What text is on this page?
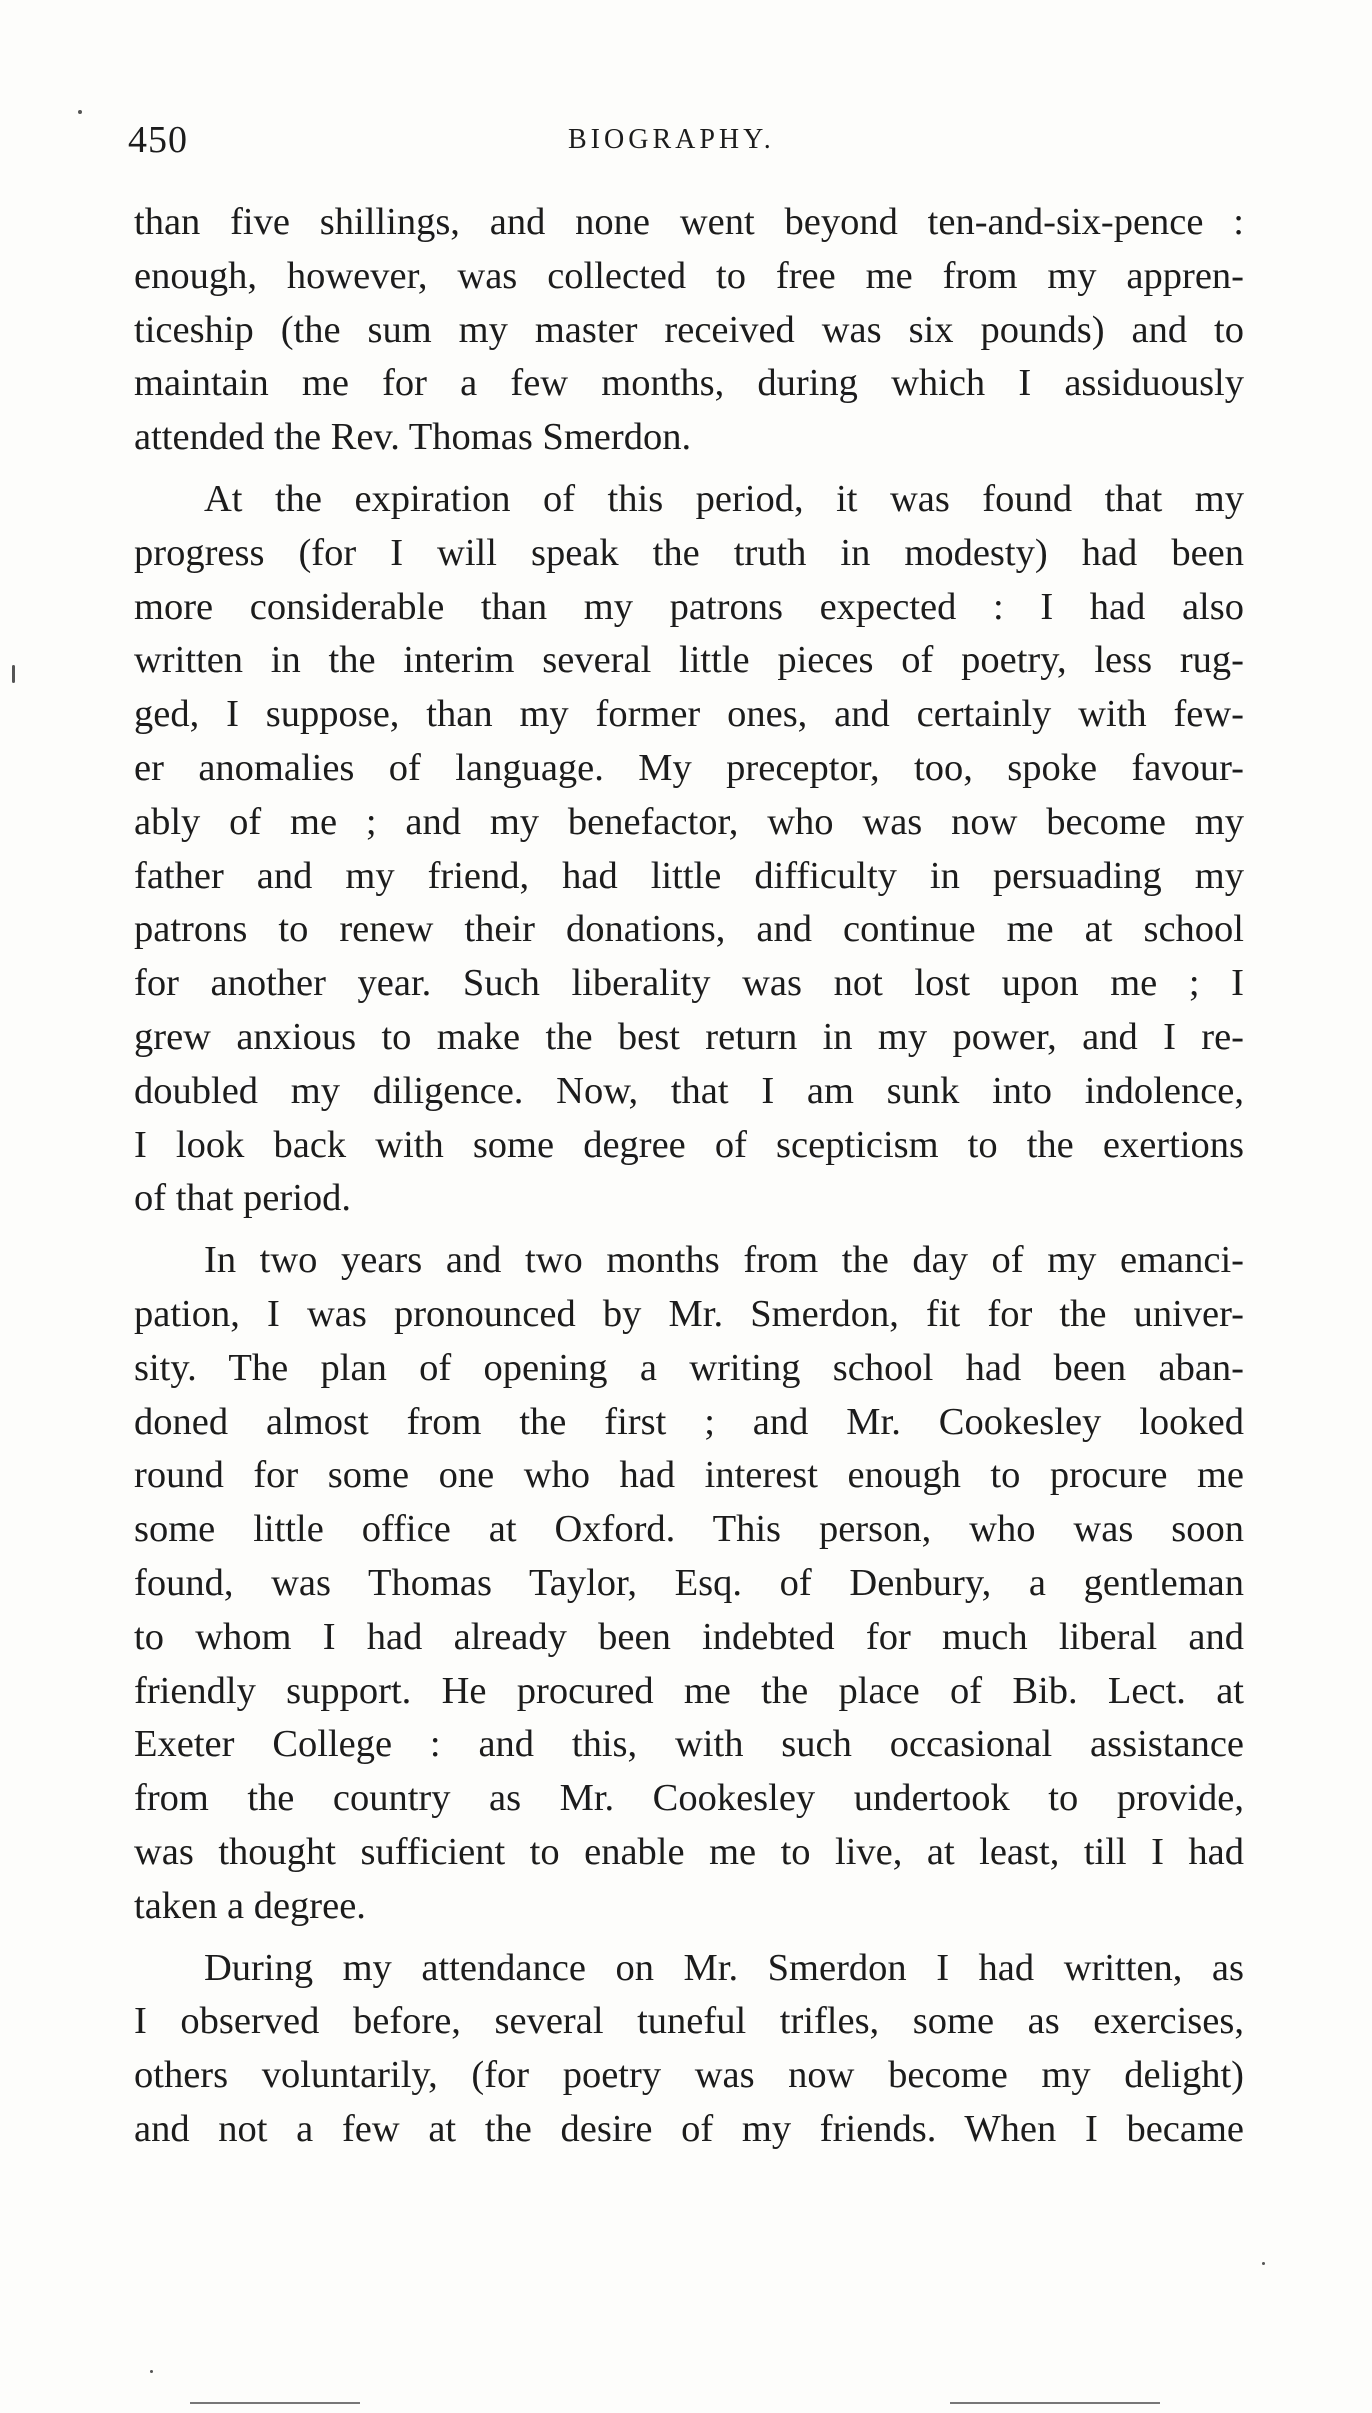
450	BIOGRAPHY.

than five shillings, and none went beyond ten-and-six-pence :
enough, however, was collected to free me from my appren-
ticeship (the sum my master received was six pounds) and to
maintain me for a few months, during which I assiduously
attended the Rev. Thomas Smerdon.

At the expiration of this period, it was found that my
progress (for I will speak the truth in modesty) had been
more considerable than my patrons expected : I had also
written in the interim several little pieces of poetry, less rug-
ged, I suppose, than my former ones, and certainly with few-
er anomalies of language. My preceptor, too, spoke favour-
ably of me ; and my benefactor, who was now become my
father and my friend, had little difficulty in persuading my
patrons to renew their donations, and continue me at school
for another year. Such liberality was not lost upon me ; I
grew anxious to make the best return in my power, and I re-
doubled my diligence. Now, that I am sunk into indolence,
I look back with some degree of scepticism to the exertions
of that period.

In two years and two months from the day of my emanci-
pation, I was pronounced by Mr. Smerdon, fit for the univer-
sity. The plan of opening a writing school had been aban-
doned almost from the first ; and Mr. Cookesley looked
round for some one who had interest enough to procure me
some little office at Oxford. This person, who was soon
found, was Thomas Taylor, Esq. of Denbury, a gentleman
to whom I had already been indebted for much liberal and
friendly support. He procured me the place of Bib. Lect. at
Exeter College : and this, with such occasional assistance
from the country as Mr. Cookesley undertook to provide,
was thought sufficient to enable me to live, at least, till I had
taken a degree.

During my attendance on Mr. Smerdon I had written, as
I observed before, several tuneful trifles, some as exercises,
others voluntarily, (for poetry was now become my delight)
and not a few at the desire of my friends. When I became
